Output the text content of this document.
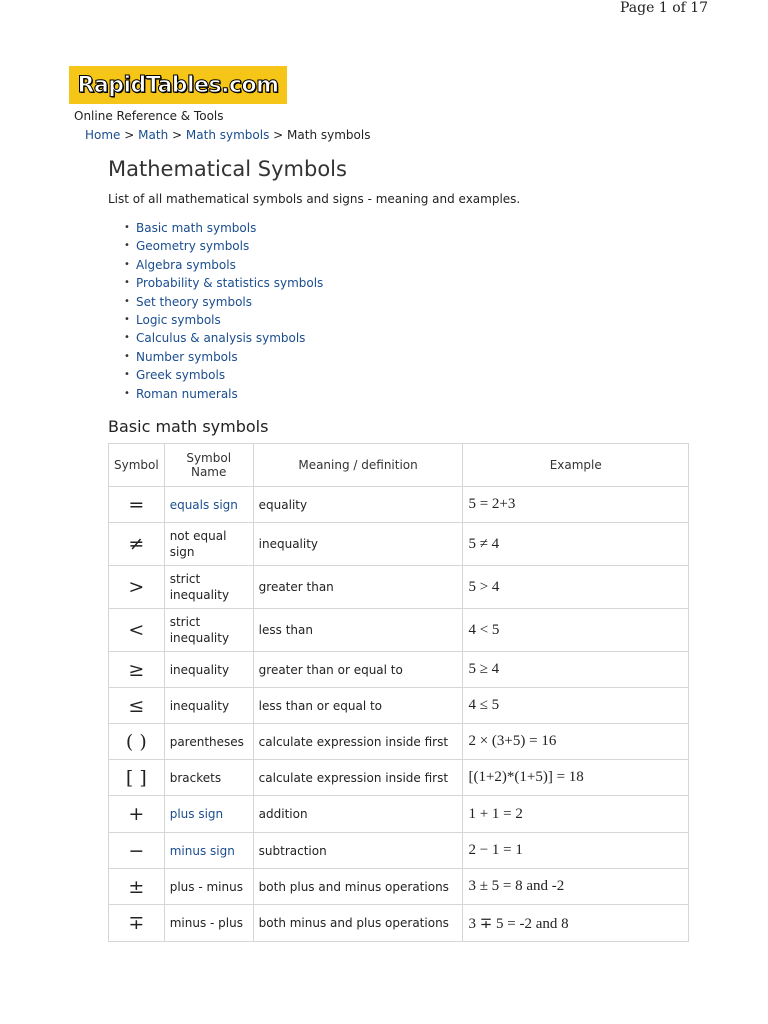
Page 1 of 17
RapidTables.com
Online Reference & Tools
Home > Math > Math symbols > Math symbols
Mathematical Symbols
List of all mathematical symbols and signs - meaning and examples.
• Basic math symbols
• Geometry symbols
• Algebra symbols
• Probability & statistics symbols
• Set theory symbols
• Logic symbols
• Calculus & analysis symbols
• Number symbols
• Greek symbols
• Roman numerals
Basic math symbols
Symbol	Symbol Name	Meaning / definition	Example
=	equals sign	equality	5 = 2+3
≠	not equal sign	inequality	5 ≠ 4
>	strict inequality	greater than	5 > 4
<	strict inequality	less than	4 < 5
≥	inequality	greater than or equal to	5 ≥ 4
≤	inequality	less than or equal to	4 ≤ 5
( )	parentheses	calculate expression inside first	2 × (3+5) = 16
[ ]	brackets	calculate expression inside first	[(1+2)*(1+5)] = 18
+	plus sign	addition	1 + 1 = 2
−	minus sign	subtraction	2 − 1 = 1
±	plus - minus	both plus and minus operations	3 ± 5 = 8 and -2
∓	minus - plus	both minus and plus operations	3 ∓ 5 = -2 and 8
